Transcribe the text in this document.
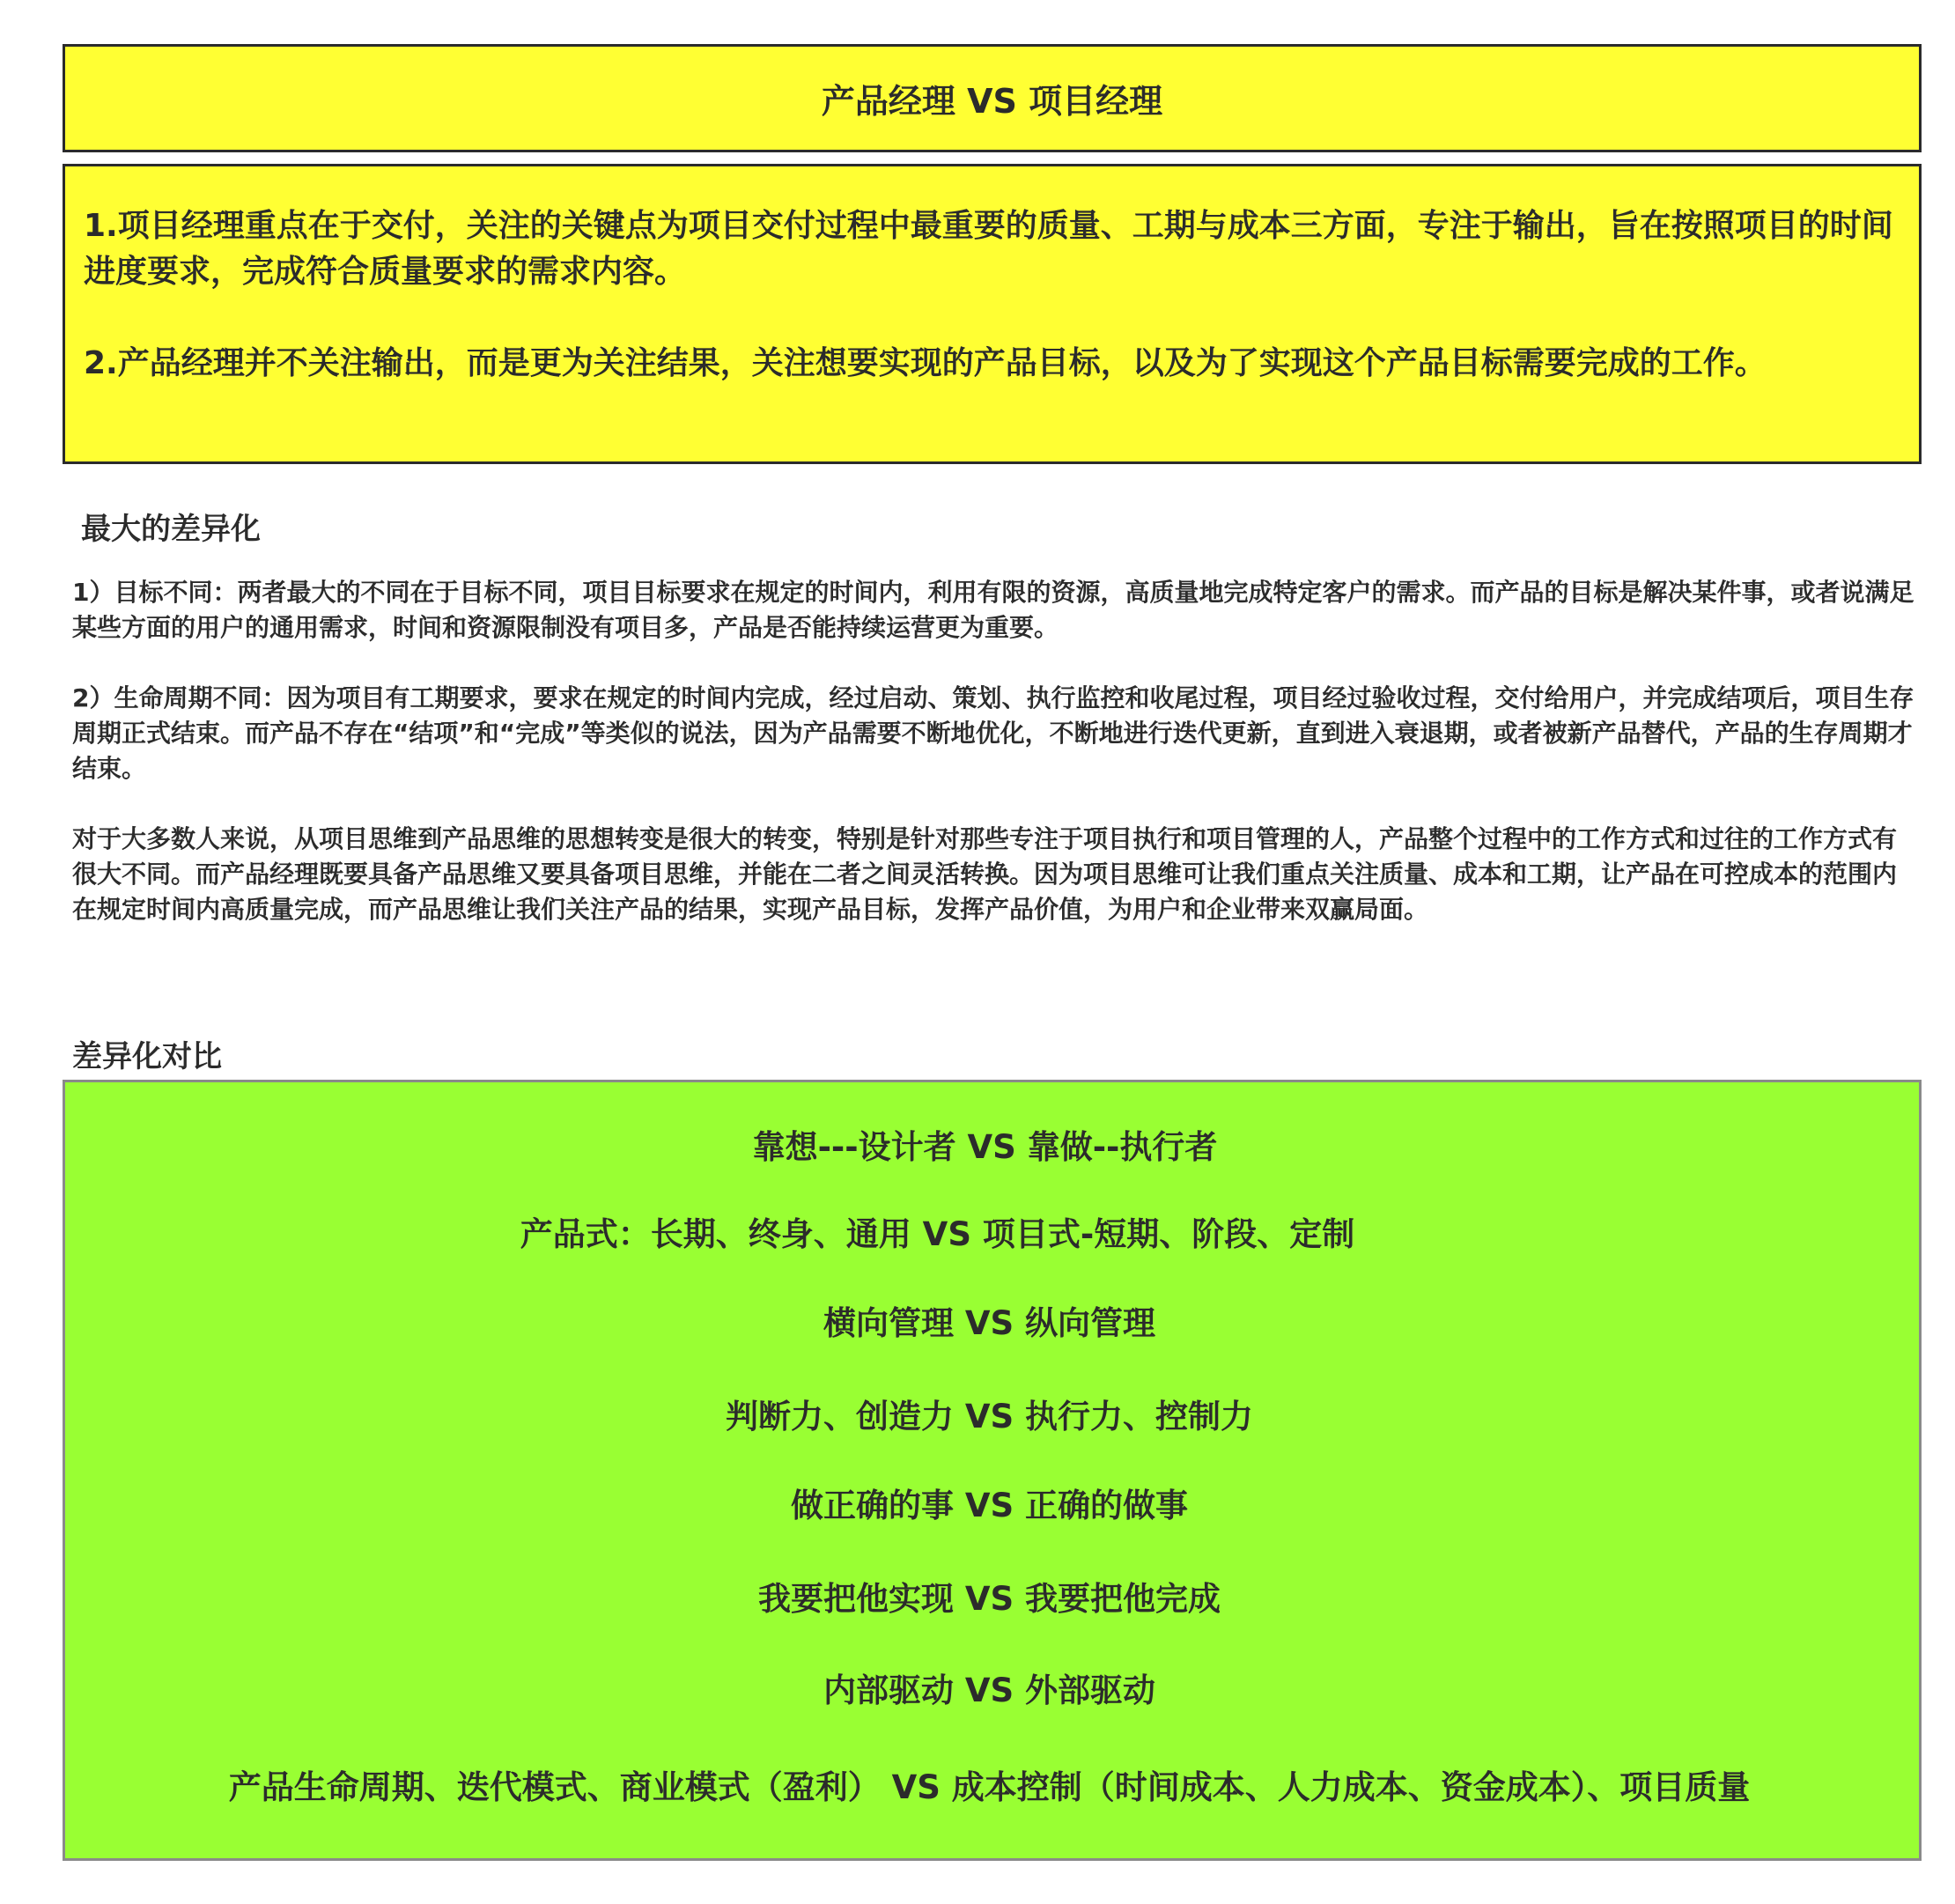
产品经理 VS 项目经理

1.项目经理重点在于交付，关注的关键点为项目交付过程中最重要的质量、工期与成本三方面，专注于输出，旨在按照项目的时间进度要求，完成符合质量要求的需求内容。

2.产品经理并不关注输出，而是更为关注结果，关注想要实现的产品目标，以及为了实现这个产品目标需要完成的工作。

最大的差异化

1）目标不同：两者最大的不同在于目标不同，项目目标要求在规定的时间内，利用有限的资源，高质量地完成特定客户的需求。而产品的目标是解决某件事，或者说满足某些方面的用户的通用需求，时间和资源限制没有项目多，产品是否能持续运营更为重要。

2）生命周期不同：因为项目有工期要求，要求在规定的时间内完成，经过启动、策划、执行监控和收尾过程，项目经过验收过程，交付给用户，并完成结项后，项目生存周期正式结束。而产品不存在“结项”和“完成”等类似的说法，因为产品需要不断地优化，不断地进行迭代更新，直到进入衰退期，或者被新产品替代，产品的生存周期才结束。

对于大多数人来说，从项目思维到产品思维的思想转变是很大的转变，特别是针对那些专注于项目执行和项目管理的人，产品整个过程中的工作方式和过往的工作方式有很大不同。而产品经理既要具备产品思维又要具备项目思维，并能在二者之间灵活转换。因为项目思维可让我们重点关注质量、成本和工期，让产品在可控成本的范围内在规定时间内高质量完成，而产品思维让我们关注产品的结果，实现产品目标，发挥产品价值，为用户和企业带来双赢局面。

差异化对比
靠想---设计者 VS 靠做--执行者
产品式：长期、终身、通用 VS 项目式-短期、阶段、定制
横向管理 VS 纵向管理
判断力、创造力 VS 执行力、控制力
做正确的事 VS 正确的做事
我要把他实现 VS 我要把他完成
内部驱动 VS 外部驱动
产品生命周期、迭代模式、商业模式（盈利） VS 成本控制（时间成本、人力成本、资金成本）、项目质量
